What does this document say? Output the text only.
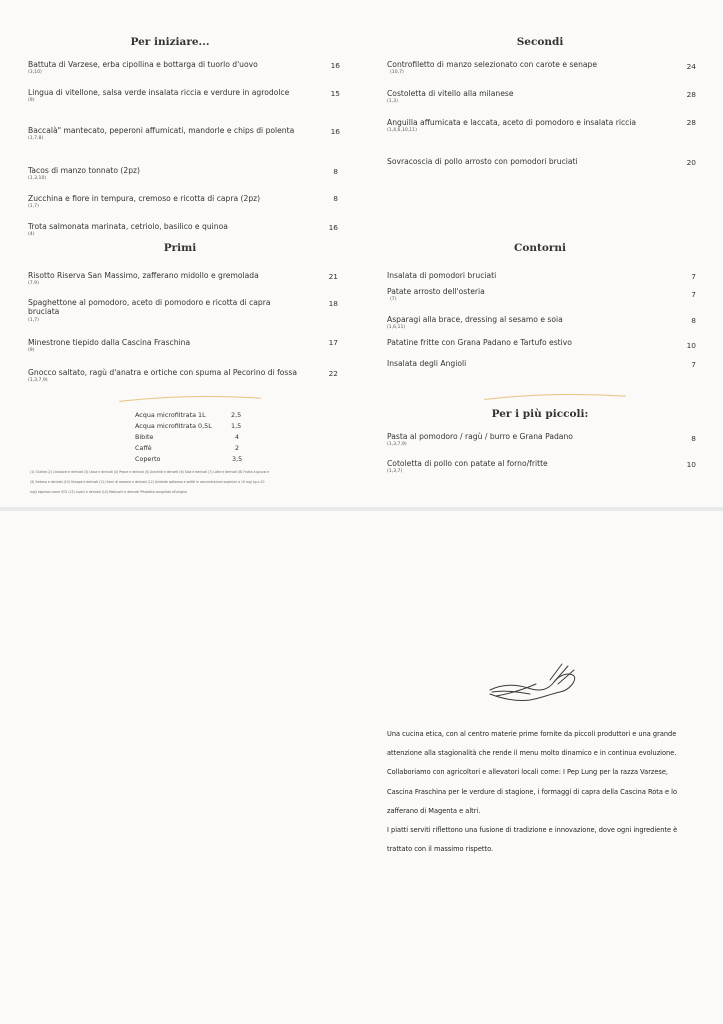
Per iniziare...
Battuta di Varzese, erba cipollina e bottarga di tuorlo d'uovo
(3,10)
16
Lingua di vitellone, salsa verde insalata riccia e verdure in agrodolce
(9)
15
Baccalà" mantecato, peperoni affumicati, mandorle e chips di polenta
(1,7,8)
16
Tacos di manzo tonnato (2pz)
(1,3,10)
8
Zucchina e fiore in tempura, cremoso e ricotta di capra (2pz)
(1,7)
8
Trota salmonata marinata, cetriolo, basilico e quinoa
(4)
16
Primi
Risotto Riserva San Massimo, zafferano midollo e gremolada
(7,9)
21
Spaghettone al pomodoro, aceto di pomodoro e ricotta di capra bruciata
(1,7)
18
Minestrone tiepido dalla Cascina Fraschina
(9)
17
Gnocco saltato, ragù d'anatra e ortiche con spuma al Pecorino di fossa
(1,3,7,9)
22
Acqua microfiltrata 1L	2,5
Acqua microfiltrata 0,5L	1,5
Bibite	4
Caffè	2
Coperto	3,5
(1) Glutine (2) Crostacei e derivati (3) Uova e derivati (4) Pesce e derivati (5) Arachidi e derivati (6) Soia e derivati (7) Latte e derivati (8) Frutta a guscio e
(9) Sedano e derivati (10) Senape e derivati (11) Semi di sesamo e derivati (12) Anidride solforosa e solfiti in concentrazioni superiori a 10 mg/ kg o 10
mg/l espressi come SO2 (13) Lupini e derivati (14) Molluschi e derivati *Prodotto congelato all'origine
Secondi
Controfiletto di manzo selezionato con carote e senape
(10,7)
24
Costoletta di vitello alla milanese
(1,3)
28
Anguilla affumicata e laccata, aceto di pomodoro e insalata riccia
(1,4,6,10,11)
28
Sovracoscia di pollo arrosto con pomodori bruciati	20
Contorni
Insalata di pomodori bruciati	7
Patate arrosto dell'osteria
(7)
7
Asparagi alla brace, dressing al sesamo e soia
(1,6,11)
8
Patatine fritte con Grana Padano e Tartufo estivo	10
Insalata degli Angioli	7
Per i più piccoli:
Pasta al pomodoro / ragù / burro e Grana Padano
(1,3,7,9)
8
Cotoletta di pollo con patate al forno/fritte
(1,3,7)
10
Una cucina etica, con al centro materie prime fornite da piccoli produttori e una grande attenzione alla stagionalità che rende il menu molto dinamico e in continua evoluzione. Collaboriamo con agricoltori e allevatori locali come: I Pep Lung per la razza Varzese, Cascina Fraschina per le verdure di stagione, i formaggi di capra della Cascina Rota e lo zafferano di Magenta e altri.
I piatti serviti riflettono una fusione di tradizione e innovazione, dove ogni ingrediente è trattato con il massimo rispetto.
